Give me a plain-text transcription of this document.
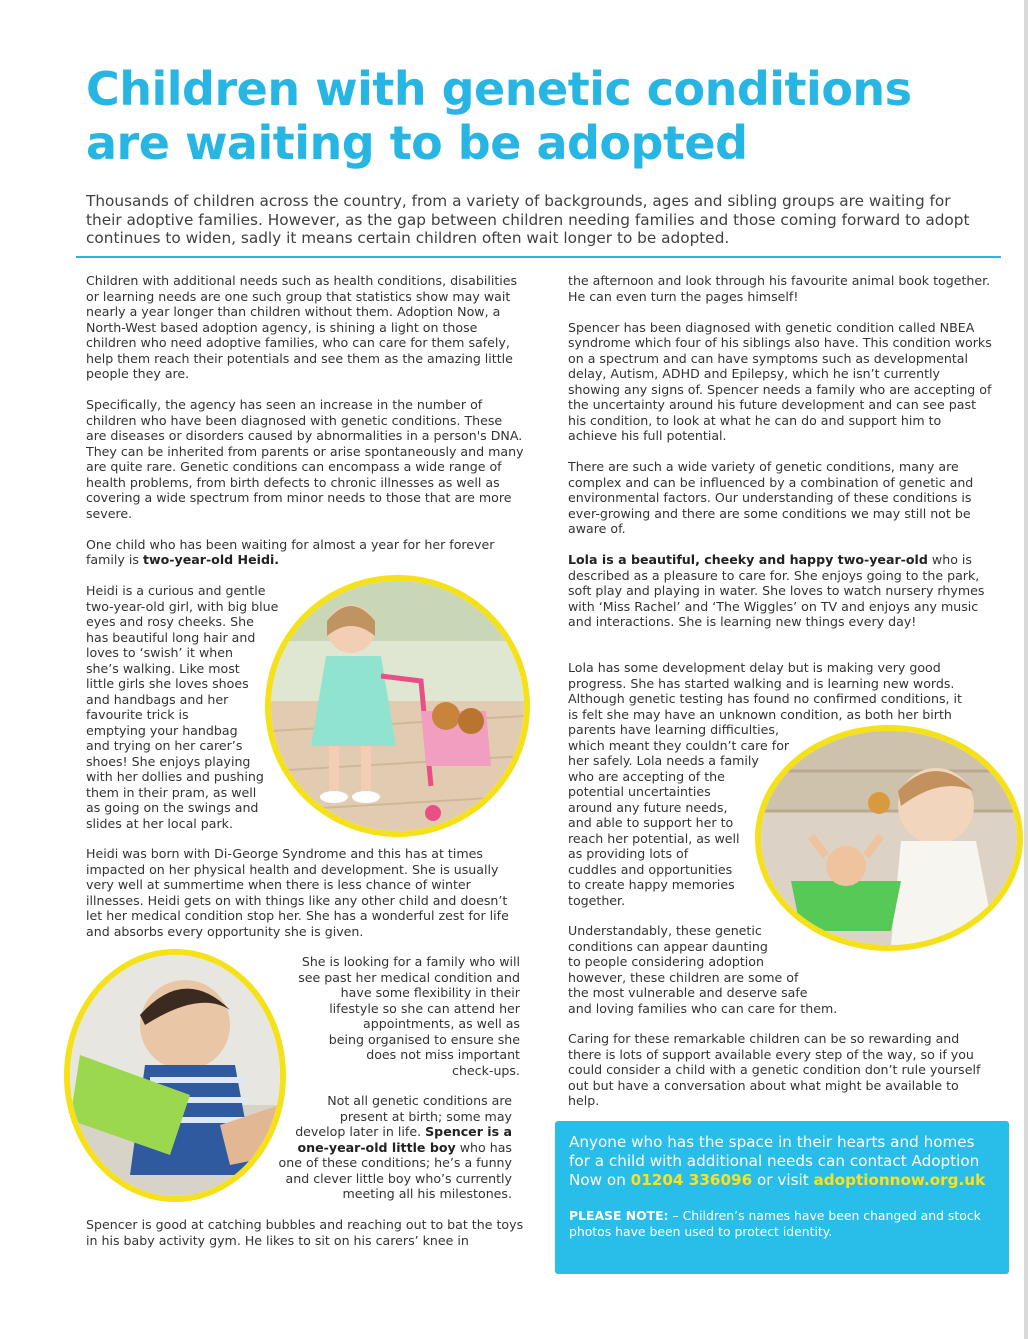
Children with genetic conditions are waiting to be adopted

Thousands of children across the country, from a variety of backgrounds, ages and sibling groups are waiting for their adoptive families. However, as the gap between children needing families and those coming forward to adopt continues to widen, sadly it means certain children often wait longer to be adopted.

Children with additional needs such as health conditions, disabilities or learning needs are one such group that statistics show may wait nearly a year longer than children without them. Adoption Now, a North-West based adoption agency, is shining a light on those children who need adoptive families, who can care for them safely, help them reach their potentials and see them as the amazing little people they are.

Specifically, the agency has seen an increase in the number of children who have been diagnosed with genetic conditions. These are diseases or disorders caused by abnormalities in a person's DNA. They can be inherited from parents or arise spontaneously and many are quite rare. Genetic conditions can encompass a wide range of health problems, from birth defects to chronic illnesses as well as covering a wide spectrum from minor needs to those that are more severe.

One child who has been waiting for almost a year for her forever family is two-year-old Heidi.

Heidi is a curious and gentle
two-year-old girl, with big blue
eyes and rosy cheeks. She
has beautiful long hair and
loves to ‘swish’ it when
she’s walking. Like most
little girls she loves shoes
and handbags and her
favourite trick is
emptying your handbag
and trying on her carer’s
shoes! She enjoys playing
with her dollies and pushing
them in their pram, as well
as going on the swings and
slides at her local park.

Heidi was born with Di-George Syndrome and this has at times impacted on her physical health and development. She is usually very well at summertime when there is less chance of winter illnesses. Heidi gets on with things like any other child and doesn’t let her medical condition stop her. She has a wonderful zest for life and absorbs every opportunity she is given.

She is looking for a family who will
see past her medical condition and
have some flexibility in their
lifestyle so she can attend her
appointments, as well as
being organised to ensure she
does not miss important
check-ups.
Not all genetic conditions are
present at birth; some may
develop later in life. Spencer is a
one-year-old little boy who has
one of these conditions; he’s a funny
and clever little boy who’s currently
meeting all his milestones.

Spencer is good at catching bubbles and reaching out to bat the toys in his baby activity gym. He likes to sit on his carers’ knee in

the afternoon and look through his favourite animal book together. He can even turn the pages himself!

Spencer has been diagnosed with genetic condition called NBEA syndrome which four of his siblings also have. This condition works on a spectrum and can have symptoms such as developmental delay, Autism, ADHD and Epilepsy, which he isn’t currently showing any signs of. Spencer needs a family who are accepting of the uncertainty around his future development and can see past his condition, to look at what he can do and support him to achieve his full potential.

There are such a wide variety of genetic conditions, many are complex and can be influenced by a combination of genetic and environmental factors. Our understanding of these conditions is ever-growing and there are some conditions we may still not be aware of.

Lola is a beautiful, cheeky and happy two-year-old who is described as a pleasure to care for. She enjoys going to the park, soft play and playing in water. She loves to watch nursery rhymes with ‘Miss Rachel’ and ‘The Wiggles’ on TV and enjoys any music and interactions. She is learning new things every day!

Lola has some development delay but is making very good
progress. She has started walking and is learning new words.
Although genetic testing has found no confirmed conditions, it
is felt she may have an unknown condition, as both her birth
parents have learning difficulties,
which meant they couldn’t care for
her safely. Lola needs a family
who are accepting of the
potential uncertainties
around any future needs,
and able to support her to
reach her potential, as well
as providing lots of
cuddles and opportunities
to create happy memories
together.
Understandably, these genetic
conditions can appear daunting
to people considering adoption
however, these children are some of
the most vulnerable and deserve safe
and loving families who can care for them.

Caring for these remarkable children can be so rewarding and there is lots of support available every step of the way, so if you could consider a child with a genetic condition don’t rule yourself out but have a conversation about what might be available to help.

Anyone who has the space in their hearts and homes for a child with additional needs can contact Adoption Now on 01204 336096 or visit adoptionnow.org.uk

PLEASE NOTE: – Children’s names have been changed and stock photos have been used to protect identity.
